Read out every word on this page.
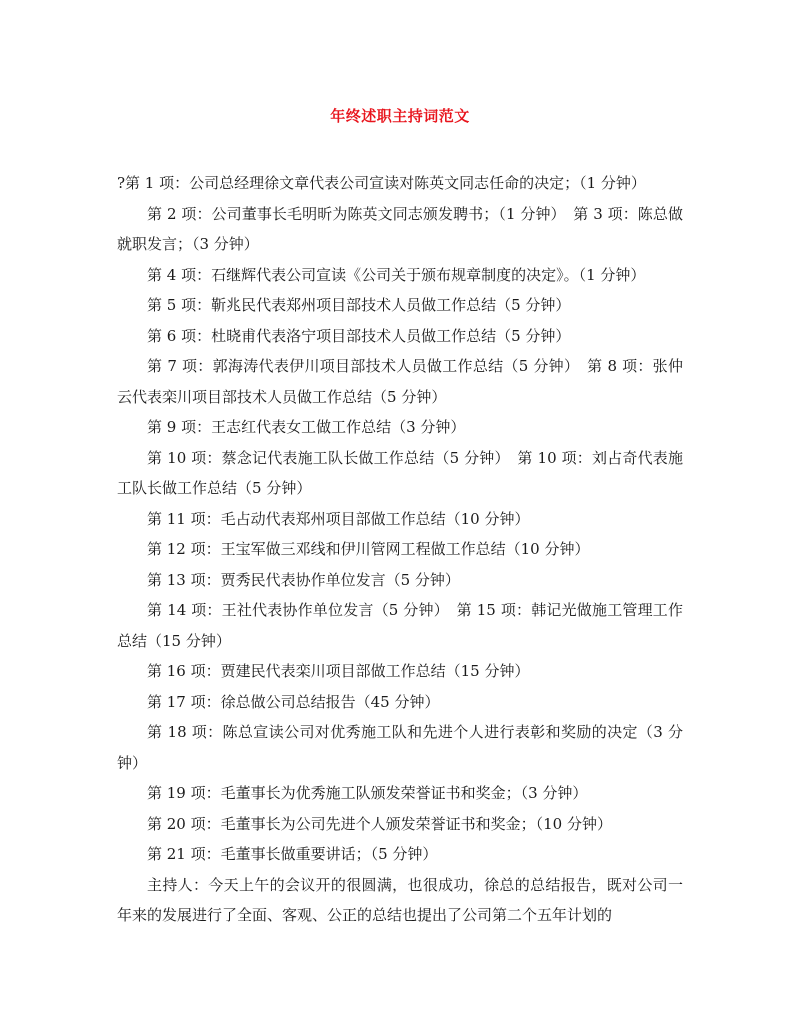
年终述职主持词范文

?第 1 项：公司总经理徐文章代表公司宣读对陈英文同志任命的决定；（1 分钟）

第 2 项：公司董事长毛明昕为陈英文同志颁发聘书；（1 分钟）　第 3 项：陈总做就职发言；（3 分钟）

第 4 项：石继辉代表公司宣读《公司关于颁布规章制度的决定》。（1 分钟）

第 5 项：靳兆民代表郑州项目部技术人员做工作总结（5 分钟）

第 6 项：杜晓甫代表洛宁项目部技术人员做工作总结（5 分钟）

第 7 项：郭海涛代表伊川项目部技术人员做工作总结（5 分钟）　第 8 项：张仲云代表栾川项目部技术人员做工作总结（5 分钟）

第 9 项：王志红代表女工做工作总结（3 分钟）

第 10 项：蔡念记代表施工队长做工作总结（5 分钟）　第 10 项：刘占奇代表施工队长做工作总结（5 分钟）

第 11 项：毛占动代表郑州项目部做工作总结（10 分钟）

第 12 项：王宝军做三邓线和伊川管网工程做工作总结（10 分钟）

第 13 项：贾秀民代表协作单位发言（5 分钟）

第 14 项：王社代表协作单位发言（5 分钟）　第 15 项：韩记光做施工管理工作总结（15 分钟）

第 16 项：贾建民代表栾川项目部做工作总结（15 分钟）

第 17 项：徐总做公司总结报告（45 分钟）

第 18 项：陈总宣读公司对优秀施工队和先进个人进行表彰和奖励的决定（3 分钟）

第 19 项：毛董事长为优秀施工队颁发荣誉证书和奖金；（3 分钟）

第 20 项：毛董事长为公司先进个人颁发荣誉证书和奖金；（10 分钟）

第 21 项：毛董事长做重要讲话；（5 分钟）

主持人：今天上午的会议开的很圆满，也很成功，徐总的总结报告，既对公司一年来的发展进行了全面、客观、公正的总结也提出了公司第二个五年计划的
